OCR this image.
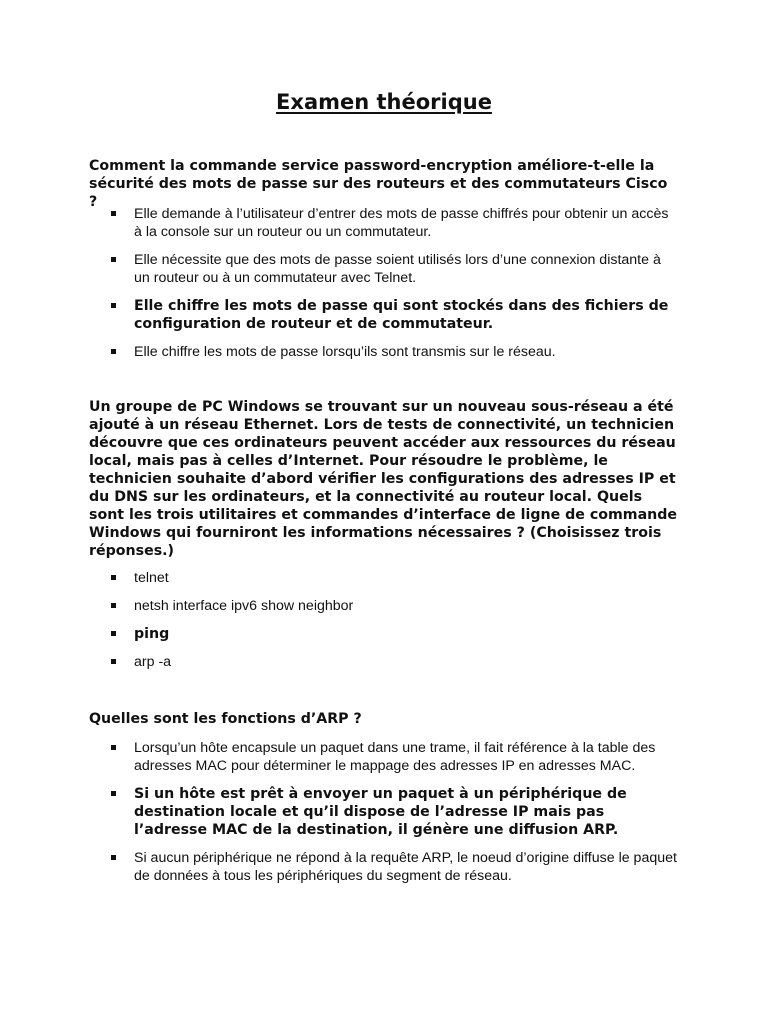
Examen théorique

Comment la commande service password-encryption améliore-t-elle la sécurité des mots de passe sur des routeurs et des commutateurs Cisco ?

Elle demande à l’utilisateur d’entrer des mots de passe chiffrés pour obtenir un accès à la console sur un routeur ou un commutateur.
Elle nécessite que des mots de passe soient utilisés lors d’une connexion distante à un routeur ou à un commutateur avec Telnet.
Elle chiffre les mots de passe qui sont stockés dans des fichiers de configuration de routeur et de commutateur.
Elle chiffre les mots de passe lorsqu’ils sont transmis sur le réseau.

Un groupe de PC Windows se trouvant sur un nouveau sous-réseau a été ajouté à un réseau Ethernet. Lors de tests de connectivité, un technicien découvre que ces ordinateurs peuvent accéder aux ressources du réseau local, mais pas à celles d’Internet. Pour résoudre le problème, le technicien souhaite d’abord vérifier les configurations des adresses IP et du DNS sur les ordinateurs, et la connectivité au routeur local. Quels sont les trois utilitaires et commandes d’interface de ligne de commande Windows qui fourniront les informations nécessaires ? (Choisissez trois réponses.)

telnet
netsh interface ipv6 show neighbor
ping
arp -a

Quelles sont les fonctions d’ARP ?

Lorsqu’un hôte encapsule un paquet dans une trame, il fait référence à la table des adresses MAC pour déterminer le mappage des adresses IP en adresses MAC.
Si un hôte est prêt à envoyer un paquet à un périphérique de destination locale et qu’il dispose de l’adresse IP mais pas l’adresse MAC de la destination, il génère une diffusion ARP.
Si aucun périphérique ne répond à la requête ARP, le noeud d’origine diffuse le paquet de données à tous les périphériques du segment de réseau.
